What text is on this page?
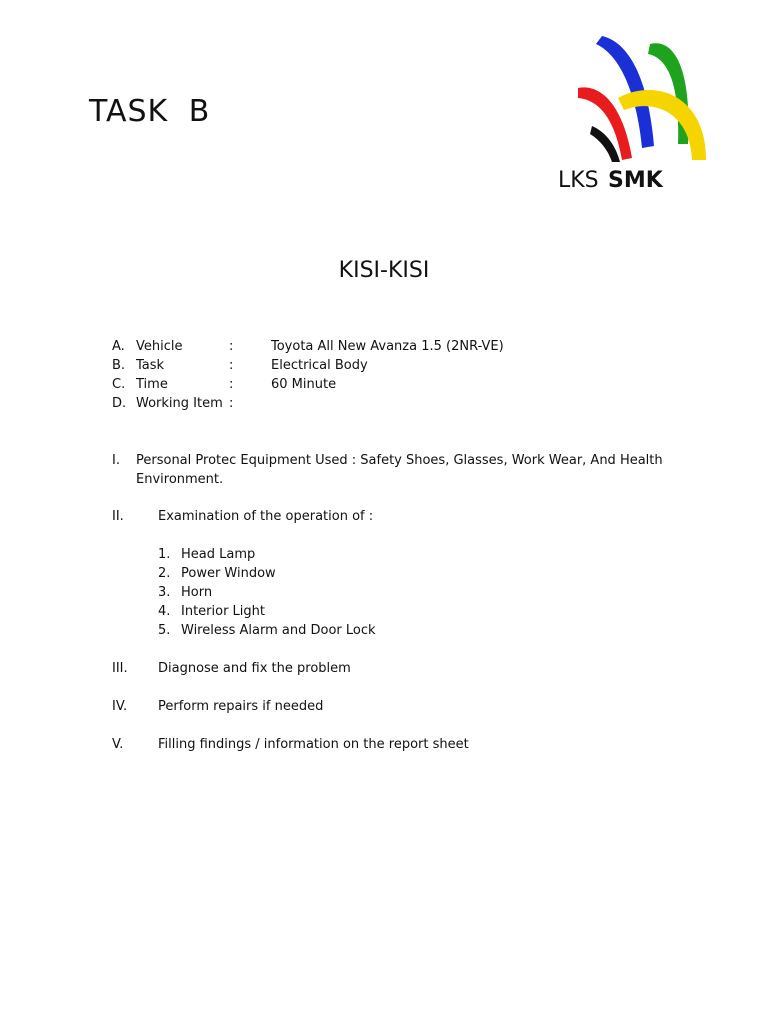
TASK B
LKS SMK
KISI-KISI
A. Vehicle	:	Toyota All New Avanza 1.5 (2NR-VE)
B. Task	:	Electrical Body
C. Time	:	60 Minute
D. Working Item :
I. Personal Protec Equipment Used : Safety Shoes, Glasses, Work Wear, And Health
Environment.
II.	Examination of the operation of :
1. Head Lamp
2. Power Window
3. Horn
4. Interior Light
5. Wireless Alarm and Door Lock
III. Diagnose and fix the problem
IV. Perform repairs if needed
V.	Filling findings / information on the report sheet
